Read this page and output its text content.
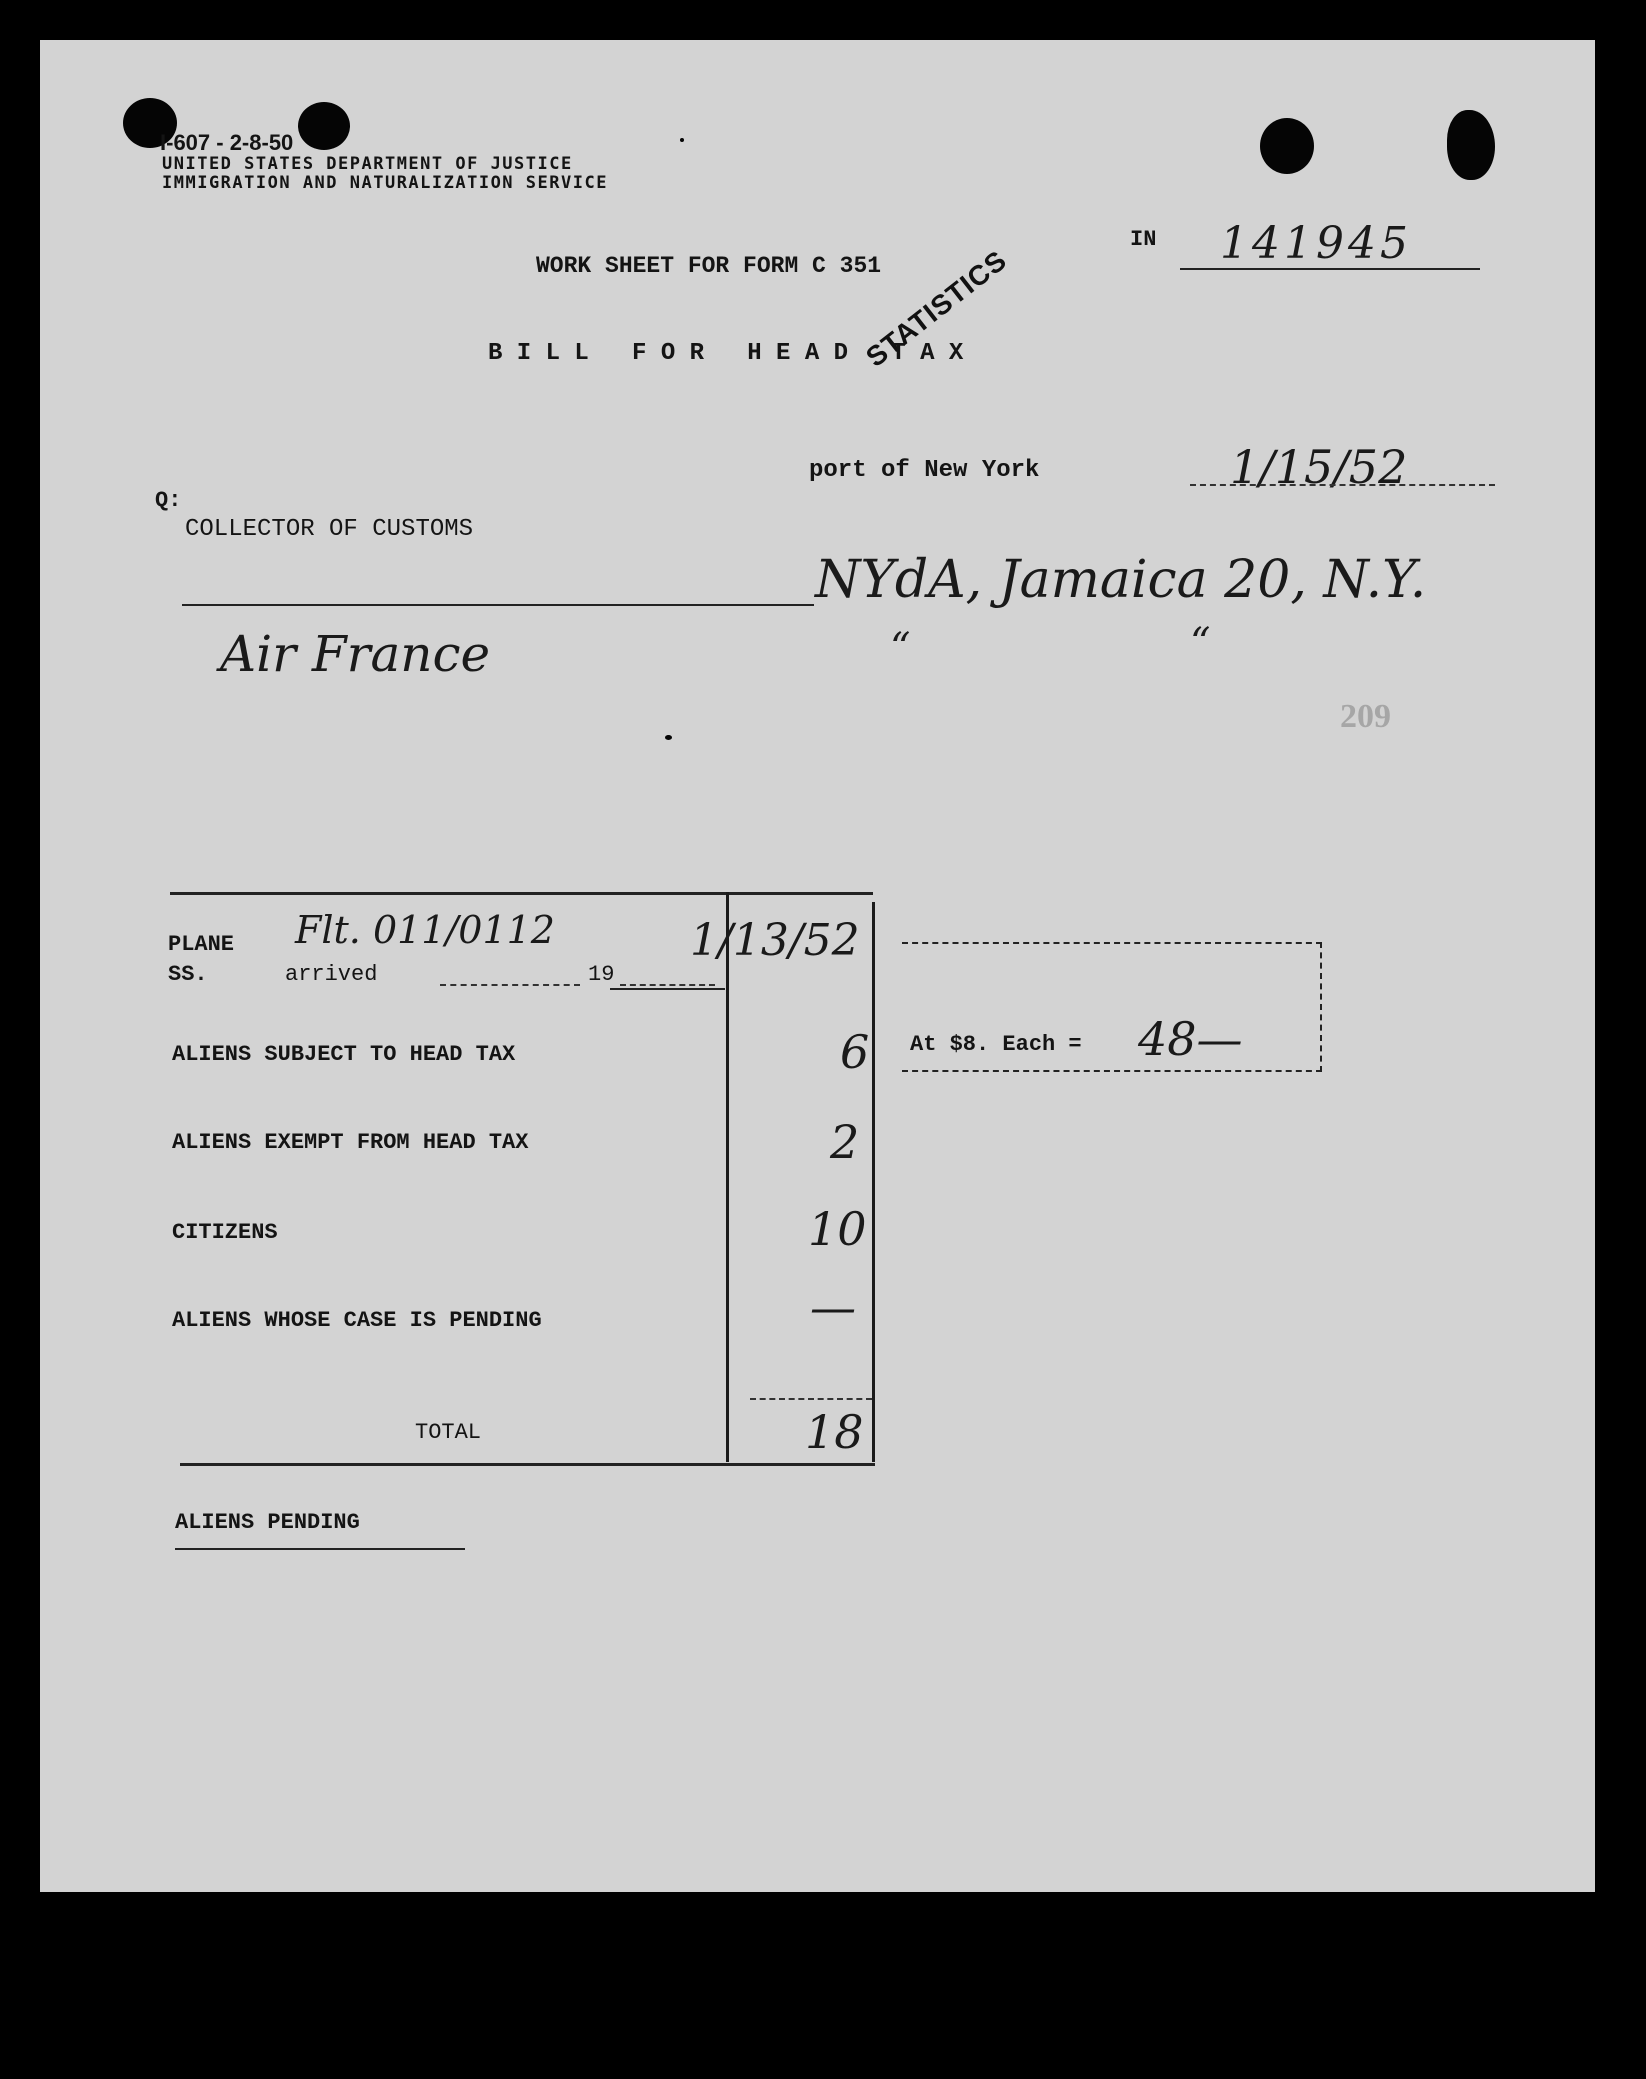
I-607 - 2-8-50
UNITED STATES DEPARTMENT OF JUSTICE
IMMIGRATION AND NATURALIZATION SERVICE
WORK SHEET FOR FORM C 351
STATISTICS
IN 141945
B I L L   F O R   H E A D   T A X
port of New York	1/15/52
Q:
COLLECTOR OF CUSTOMS
NYdA, Jamaica 20, N.Y.
“	“
Air France
209
PLANE
SS.
Flt. 011/0112
arrived	19
1/13/52
ALIENS SUBJECT TO HEAD TAX	6
ALIENS EXEMPT FROM HEAD TAX	2
CITIZENS	10
ALIENS WHOSE CASE IS PENDING	—
TOTAL	18
At $8. Each = 48—
ALIENS PENDING
